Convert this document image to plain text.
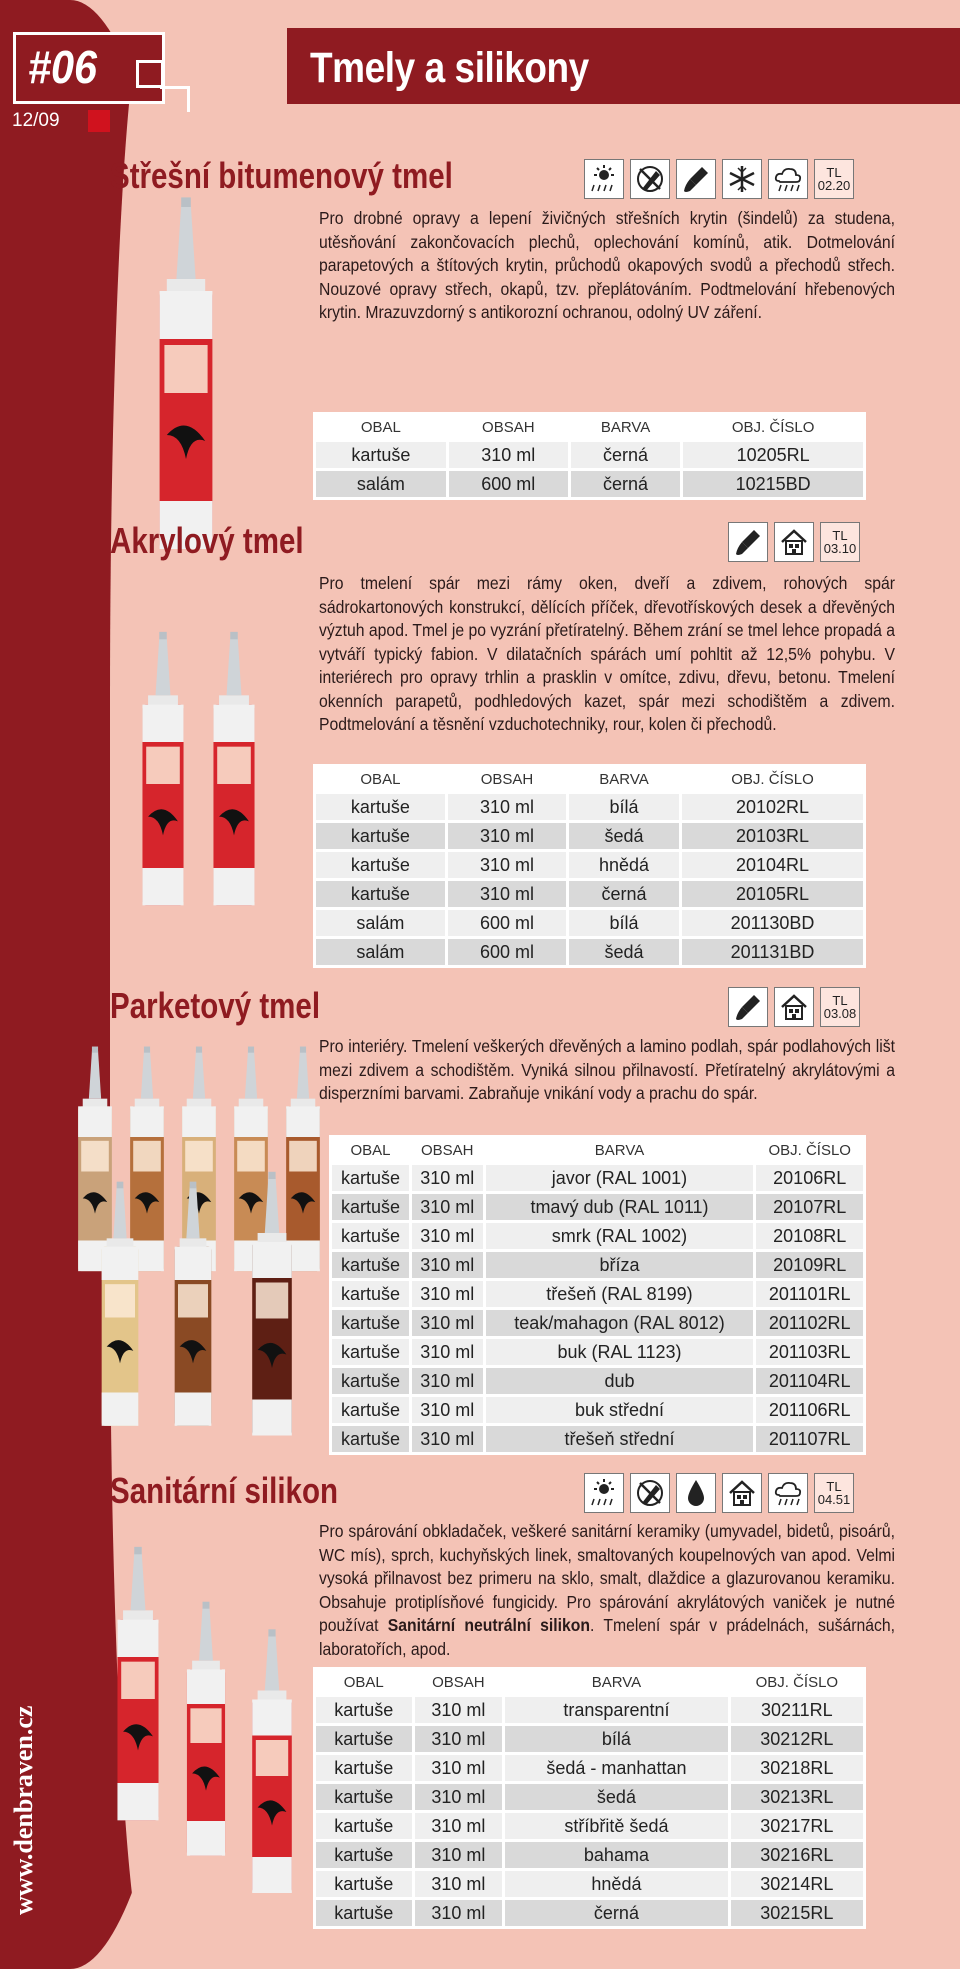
Tmely a silikony
#06
12/09
www.denbraven.cz
Střešní bitumenový tmel	TL
02.20
Pro drobné opravy a lepení živičných střešních krytin (šindelů) za studena, utěsňování zakončovacích plechů, oplechování komínů, atik. Dotmelování parapetových a štítových krytin, průchodů okapových svodů a přechodů střech. Nouzové opravy střech, okapů, tzv. přeplátováním. Podtmelování hřebenových krytin. Mrazuvzdorný s antikorozní ochranou, odolný UV záření.
OBAL	OBSAH	BARVA	OBJ. ČÍSLO
kartuše	310 ml	černá	10205RL
salám	600 ml	černá	10215BD
Akrylový tmel	TL
03.10
Pro tmelení spár mezi rámy oken, dveří a zdivem, rohových spár sádrokartonových konstrukcí, dělících příček, dřevotřískových desek a dřevěných výztuh apod. Tmel je po vyzrání přetíratelný. Během zrání se tmel lehce propadá a vytváří typický fabion. V dilatačních spárách umí pohltit až 12,5% pohybu. V interiérech pro opravy trhlin a prasklin v omítce, zdivu, dřevu, betonu. Tmelení okenních parapetů, podhledových kazet, spár mezi schodištěm a zdivem. Podtmelování a těsnění vzduchotechniky, rour, kolen či přechodů.
OBAL	OBSAH	BARVA	OBJ. ČÍSLO
kartuše	310 ml	bílá	20102RL
kartuše	310 ml	šedá	20103RL
kartuše	310 ml	hnědá	20104RL
kartuše	310 ml	černá	20105RL
salám	600 ml	bílá	201130BD
salám	600 ml	šedá	201131BD
Parketový tmel	TL
03.08
Pro interiéry. Tmelení veškerých dřevěných a lamino podlah, spár podlahových lišt mezi zdivem a schodištěm. Vyniká silnou přilnavostí. Přetíratelný akrylátovými a disperzními barvami. Zabraňuje vnikání vody a prachu do spár.
OBAL	OBSAH	BARVA	OBJ. ČÍSLO
kartuše	310 ml	javor (RAL 1001)	20106RL
kartuše	310 ml	tmavý dub (RAL 1011)	20107RL
kartuše	310 ml	smrk (RAL 1002)	20108RL
kartuše	310 ml	bříza	20109RL
kartuše	310 ml	třešeň (RAL 8199)	201101RL
kartuše	310 ml	teak/mahagon (RAL 8012)	201102RL
kartuše	310 ml	buk (RAL 1123)	201103RL
kartuše	310 ml	dub	201104RL
kartuše	310 ml	buk střední	201106RL
kartuše	310 ml	třešeň střední	201107RL
Sanitární silikon	TL
04.51
Pro spárování obkladaček, veškeré sanitární keramiky (umyvadel, bidetů, pisoárů, WC mís), sprch, kuchyňských linek, smaltovaných koupelnových van apod. Velmi vysoká přilnavost bez primeru na sklo, smalt, dlaždice a glazurovanou keramiku. Obsahuje protiplísňové fungicidy. Pro spárování akrylátových vaniček je nutné používat Sanitární neutrální silikon. Tmelení spár v prádelnách, sušárnách, laboratořích, apod.
OBAL	OBSAH	BARVA	OBJ. ČÍSLO
kartuše	310 ml	transparentní	30211RL
kartuše	310 ml	bílá	30212RL
kartuše	310 ml	šedá - manhattan	30218RL
kartuše	310 ml	šedá	30213RL
kartuše	310 ml	stříbřitě šedá	30217RL
kartuše	310 ml	bahama	30216RL
kartuše	310 ml	hnědá	30214RL
kartuše	310 ml	černá	30215RL
